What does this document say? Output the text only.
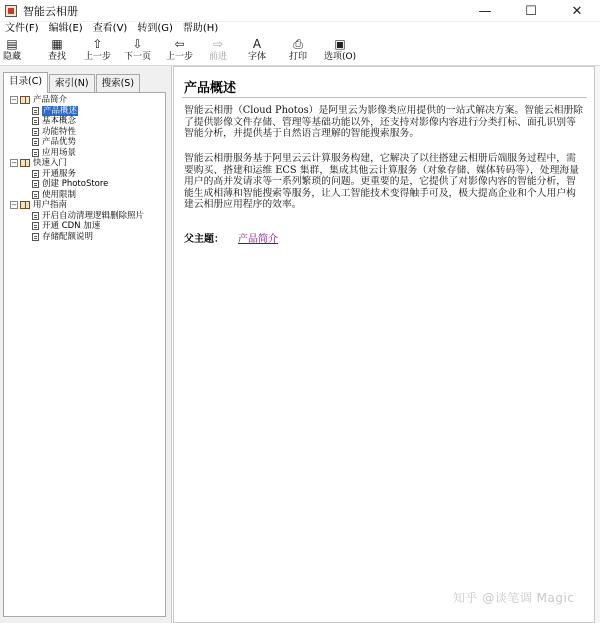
智能云相册	—	☐	✕
文件(F)	编辑(E)	查看(V)	转到(G)	帮助(H)
▤
隐藏
▦
查找
⇧
上一步
⇩
下一页
⇦
上一步
⇨
前进
A
字体
⎙
打印
▣
选项(O)
目录(C)	索引(N)	搜索(S)
− 产品简介
产品概述
基本概念
功能特性
产品优势
应用场景
− 快速入门
开通服务
创建 PhotoStore
使用限制
− 用户指南
开启自动清理逻辑删除照片
开通 CDN 加速
存储配额说明
产品概述
智能云相册（Cloud Photos）是阿里云为影像类应用提供的一站式解决方案。智能云相册除了提供影像文件存储、管理等基础功能以外，还支持对影像内容进行分类打标、面孔识别等智能分析，并提供基于自然语言理解的智能搜索服务。
智能云相册服务基于阿里云云计算服务构建，它解决了以往搭建云相册后端服务过程中，需要购买、搭建和运维 ECS 集群，集成其他云计算服务（对象存储、媒体转码等），处理海量用户的高并发请求等一系列繁琐的问题。更重要的是，它提供了对影像内容的智能分析，智能生成相薄和智能搜索等服务，让人工智能技术变得触手可及，极大提高企业和个人用户构建云相册应用程序的效率。
父主题： 产品简介
知乎 @谈笔调 Magic
